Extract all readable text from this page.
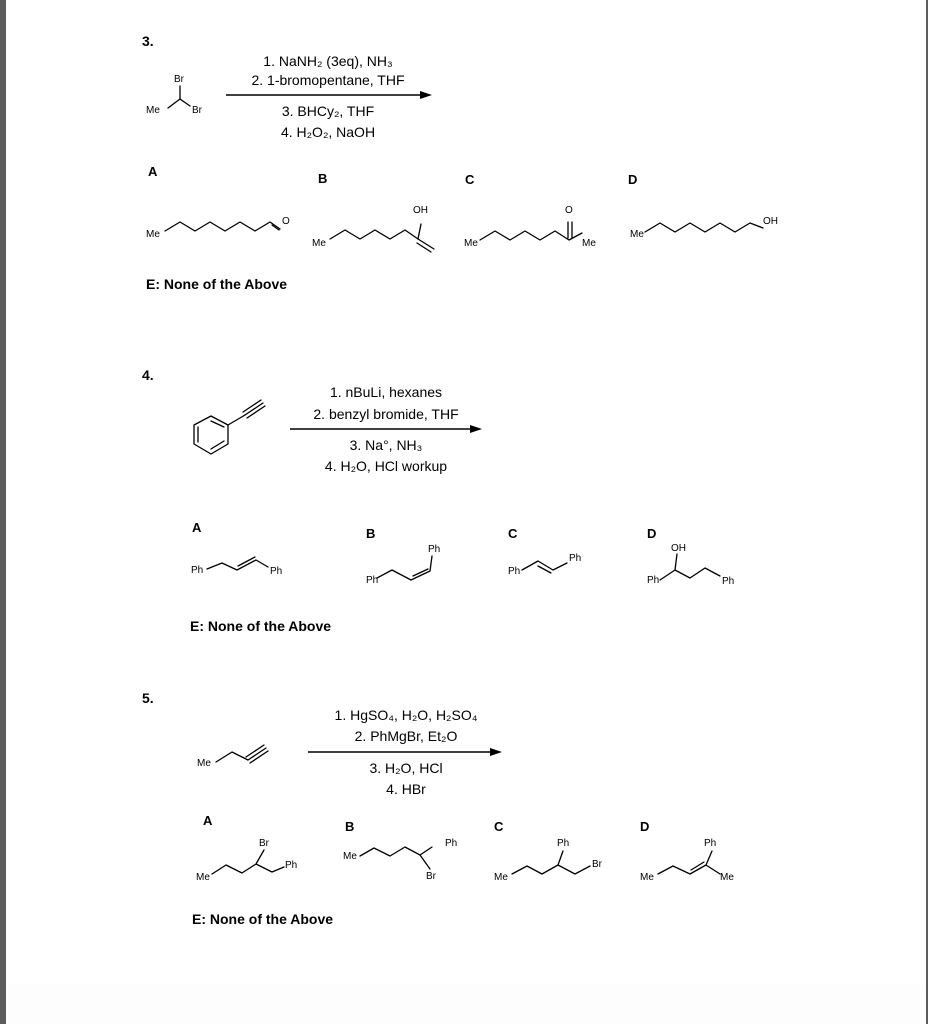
3.
Br
Me	Br
1. NaNH₂ (3eq), NH₃
2. 1-bromopentane, THF
3. BHCy₂, THF
4. H₂O₂, NaOH
A	B	C	D
Me
O
Me
OH
Me
O
Me
Me
OH
E: None of the Above
4.
1. nBuLi, hexanes
2. benzyl bromide, THF
3. Na°, NH₃
4. H₂O, HCl workup
A	B	C	D
Ph	Ph
Ph
Ph
Ph
Ph
OH
Ph	Ph
E: None of the Above
5.
Me
1. HgSO₄, H₂O, H₂SO₄
2. PhMgBr, Et₂O
3. H₂O, HCl
4. HBr
A	B	C	D
Br
Me
Ph
Me
Ph
Br
Ph
Me
Br
Ph
Me	Me
E: None of the Above
